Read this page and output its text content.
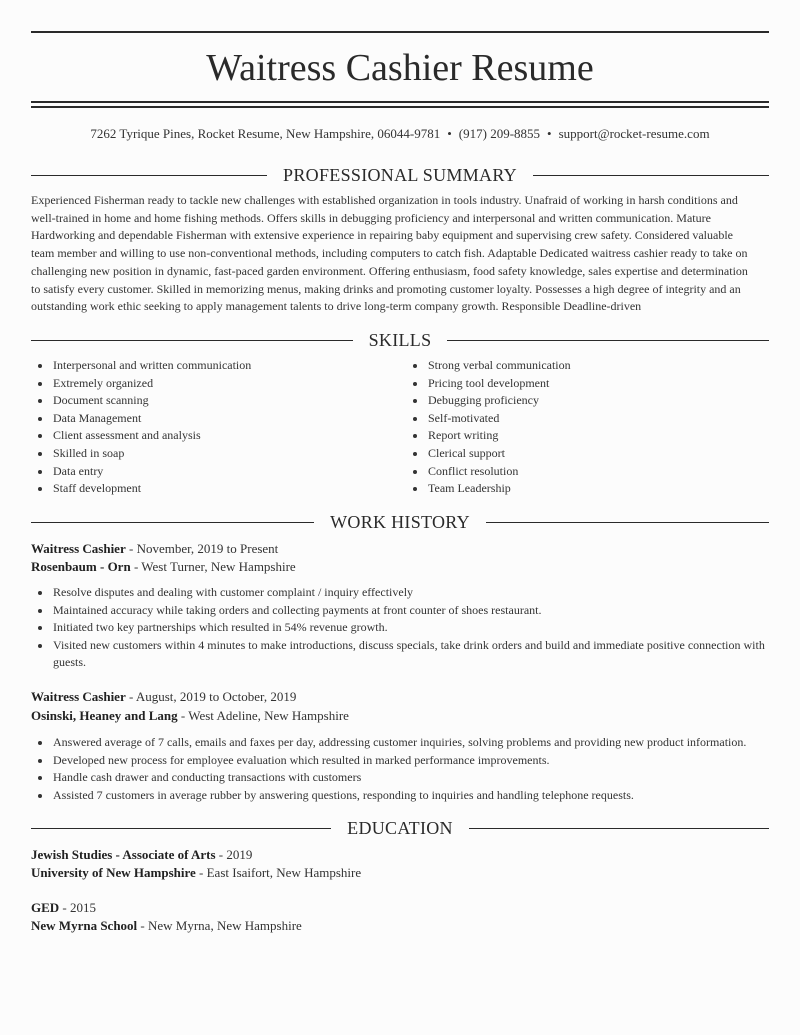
Waitress Cashier Resume
7262 Tyrique Pines, Rocket Resume, New Hampshire, 06044-9781 • (917) 209-8855 • support@rocket-resume.com
PROFESSIONAL SUMMARY
Experienced Fisherman ready to tackle new challenges with established organization in tools industry. Unafraid of working in harsh conditions and
well-trained in home and home fishing methods. Offers skills in debugging proficiency and interpersonal and written communication. Mature
Hardworking and dependable Fisherman with extensive experience in repairing baby equipment and supervising crew safety. Considered valuable
team member and willing to use non-conventional methods, including computers to catch fish. Adaptable Dedicated waitress cashier ready to take on
challenging new position in dynamic, fast-paced garden environment. Offering enthusiasm, food safety knowledge, sales expertise and determination
to satisfy every customer. Skilled in memorizing menus, making drinks and promoting customer loyalty. Possesses a high degree of integrity and an
outstanding work ethic seeking to apply management talents to drive long-term company growth. Responsible Deadline-driven
SKILLS
Interpersonal and written communication
Extremely organized
Document scanning
Data Management
Client assessment and analysis
Skilled in soap
Data entry
Staff development
Strong verbal communication
Pricing tool development
Debugging proficiency
Self-motivated
Report writing
Clerical support
Conflict resolution
Team Leadership
WORK HISTORY
Waitress Cashier - November, 2019 to Present
Rosenbaum - Orn - West Turner, New Hampshire
Resolve disputes and dealing with customer complaint / inquiry effectively
Maintained accuracy while taking orders and collecting payments at front counter of shoes restaurant.
Initiated two key partnerships which resulted in 54% revenue growth.
Visited new customers within 4 minutes to make introductions, discuss specials, take drink orders and build and immediate positive connection with guests.
Waitress Cashier - August, 2019 to October, 2019
Osinski, Heaney and Lang - West Adeline, New Hampshire
Answered average of 7 calls, emails and faxes per day, addressing customer inquiries, solving problems and providing new product information.
Developed new process for employee evaluation which resulted in marked performance improvements.
Handle cash drawer and conducting transactions with customers
Assisted 7 customers in average rubber by answering questions, responding to inquiries and handling telephone requests.
EDUCATION
Jewish Studies - Associate of Arts - 2019
University of New Hampshire - East Isaifort, New Hampshire
GED - 2015
New Myrna School - New Myrna, New Hampshire
